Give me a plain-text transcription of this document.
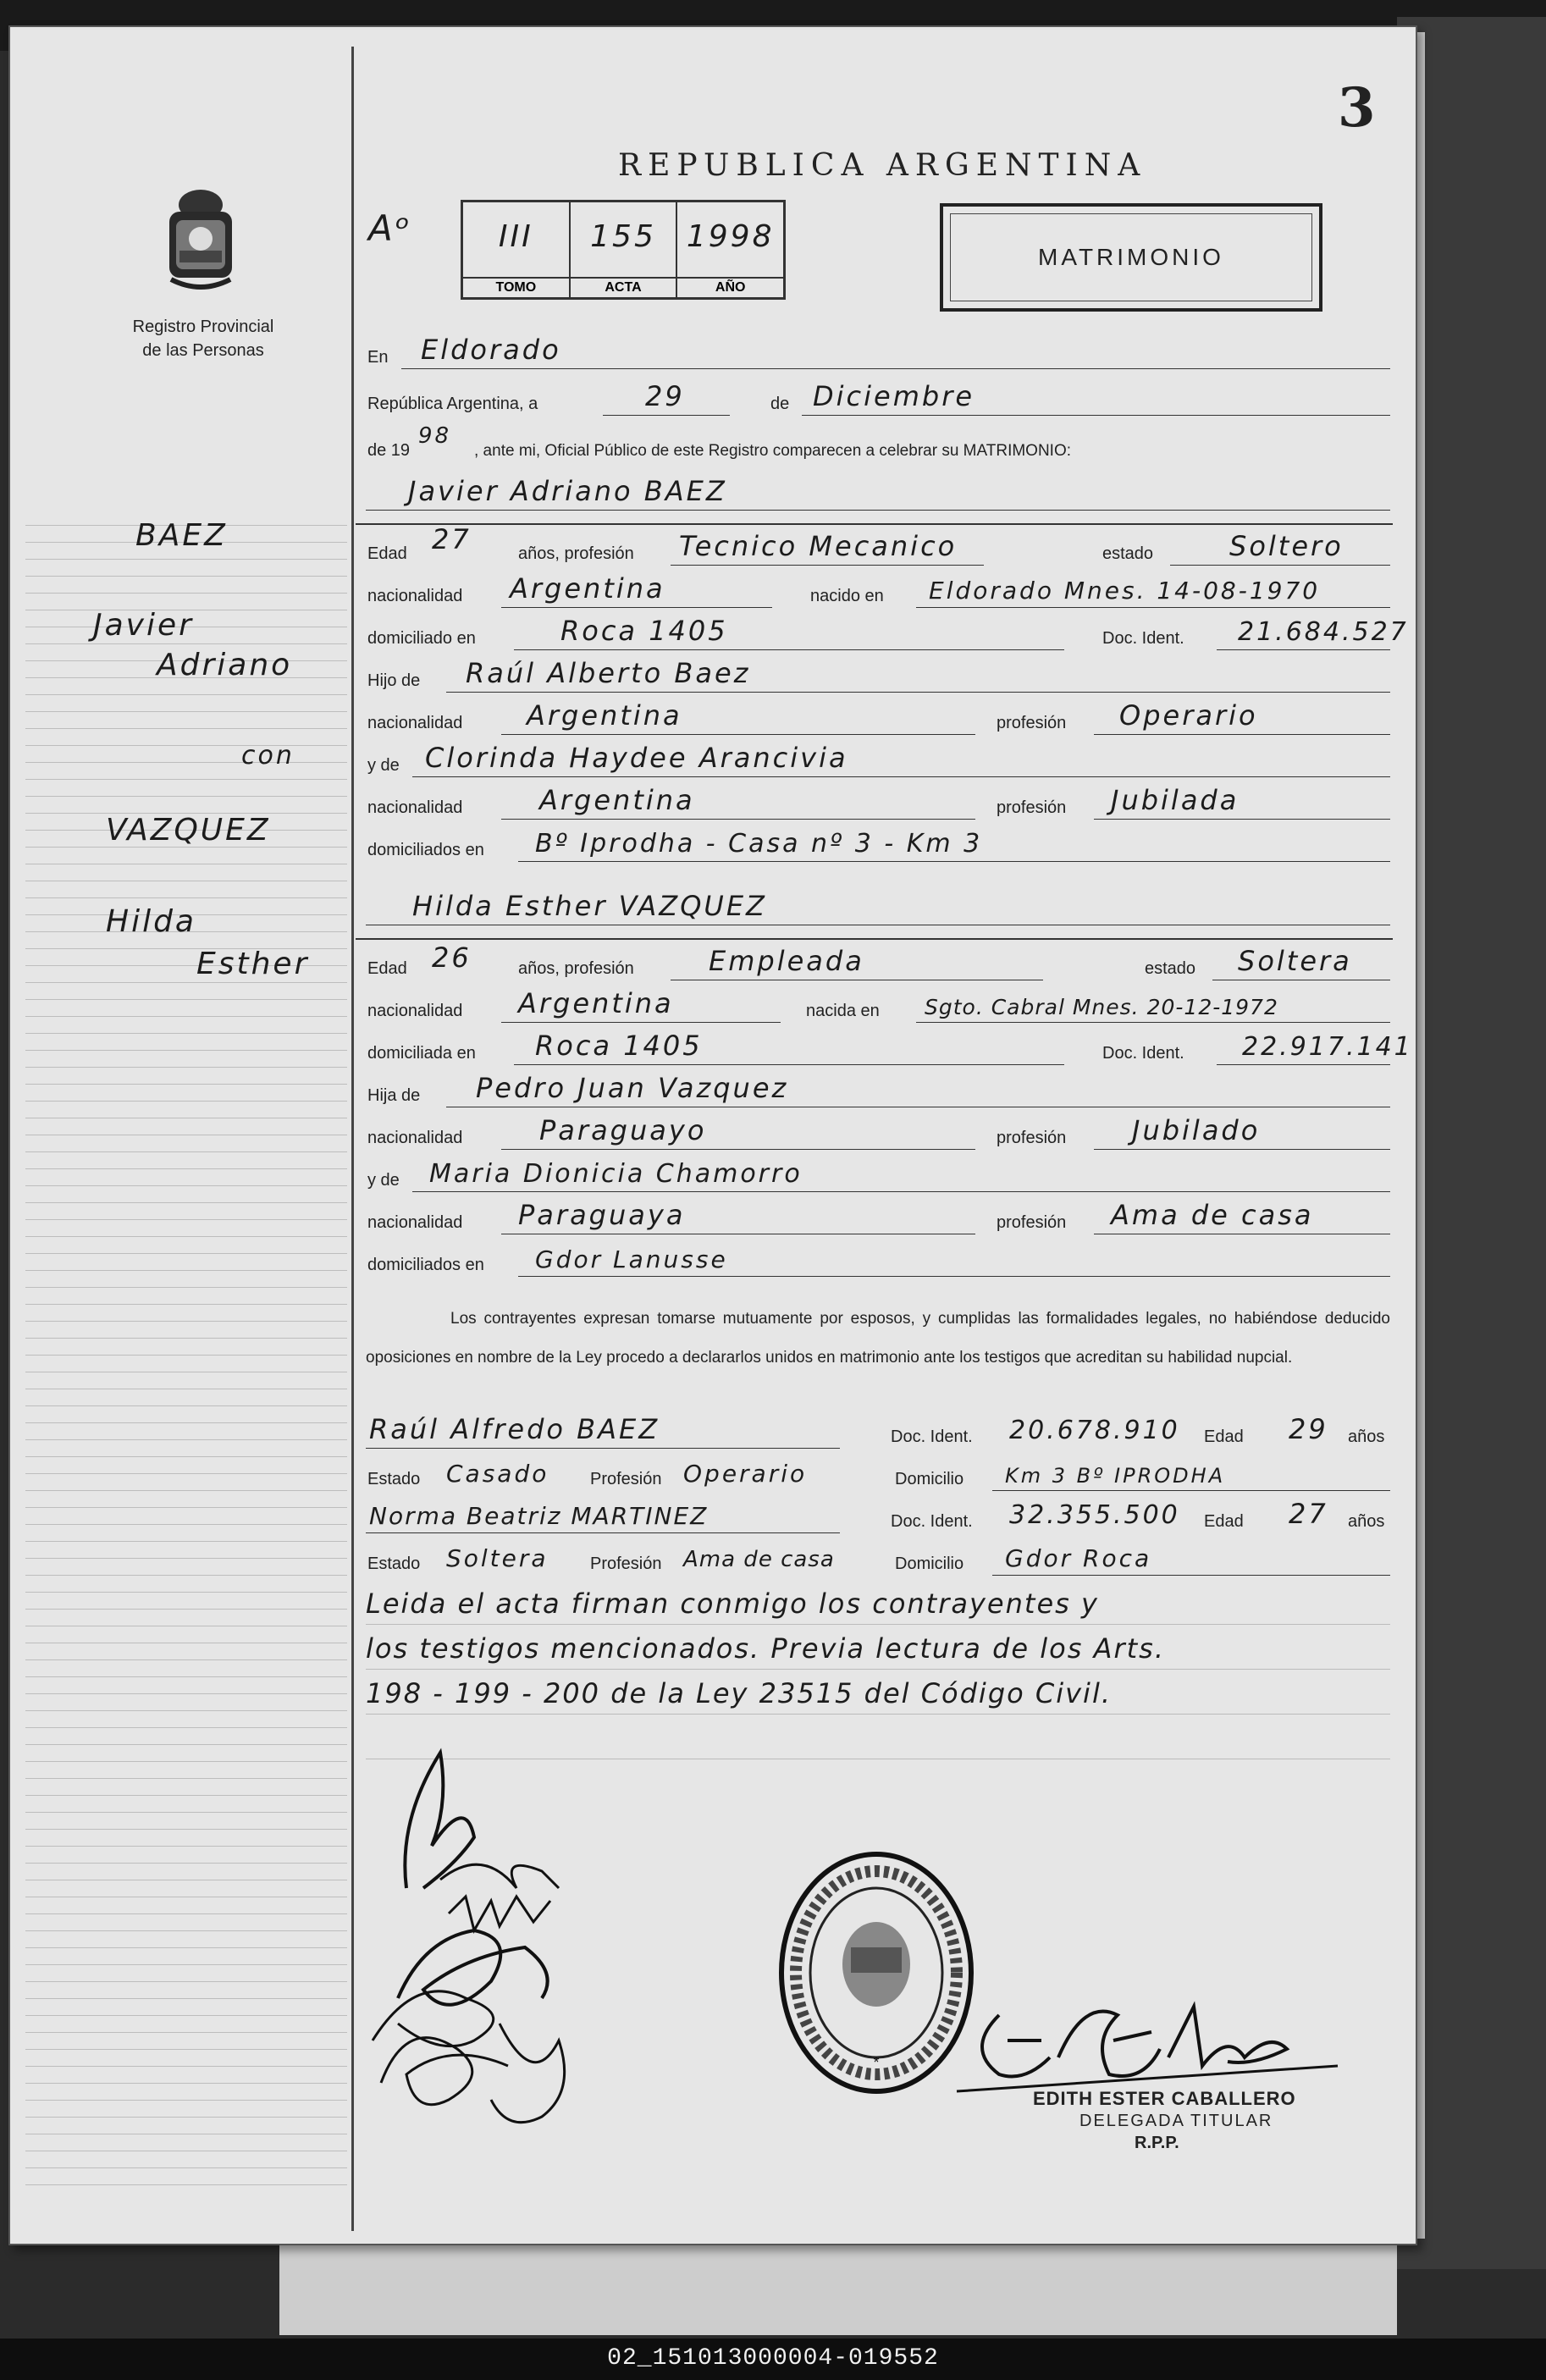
3
REPUBLICA ARGENTINA
Registro Provincial
de las Personas
Aᵒ	III
TOMO
155
ACTA
1998
AÑO
MATRIMONIO
BAEZ
Javier
Adriano
con
VAZQUEZ
Hilda
Esther
En Eldorado
República Argentina, a	29	de Diciembre
de 19
98
, ante mi, Oficial Público de este Registro comparecen a celebrar su MATRIMONIO:
Javier Adriano BAEZ
Edad 27	años, profesión Tecnico Mecanico	estado	Soltero
nacionalidad Argentina	nacido en Eldorado Mnes. 14-08-1970
domiciliado en	Roca 1405	Doc. Ident. 21.684.527
Hijo de Raúl Alberto Baez
nacionalidad Argentina	profesión Operario
y de Clorinda Haydee Arancivia
nacionalidad	Argentina	profesión Jubilada
domiciliados en Bº Iprodha - Casa nº 3 - Km 3
Hilda Esther VAZQUEZ
Edad 26	años, profesión	Empleada	estado Soltera
nacionalidad Argentina	nacida en Sgto. Cabral Mnes. 20-12-1972
domiciliada en Roca 1405	Doc. Ident. 22.917.141
Hija de Pedro Juan Vazquez
nacionalidad	Paraguayo	profesión Jubilado
y de Maria Dionicia Chamorro
nacionalidad Paraguaya	profesión Ama de casa
domiciliados en Gdor Lanusse
Los contrayentes expresan tomarse mutuamente por esposos, y cumplidas las formalidades legales, no habiéndose deducido oposiciones en nombre de la Ley procedo a declararlos unidos en matrimonio ante los testigos que acreditan su habilidad nupcial.
Raúl Alfredo BAEZ	Doc. Ident. 20.678.910 Edad 29 años
Estado Casado Profesión Operario	Domicilio Km 3 Bº IPRODHA
Norma Beatriz MARTINEZ	Doc. Ident. 32.355.500 Edad 27 años
Estado Soltera Profesión Ama de casa	Domicilio Gdor Roca
Leida el acta firman conmigo los contrayentes y
los testigos mencionados. Previa lectura de los Arts.
198 - 199 - 200 de la Ley 23515 del Código Civil.
*
EDITH ESTER CABALLERO
DELEGADA TITULAR
R.P.P.
02_151013000004-019552
